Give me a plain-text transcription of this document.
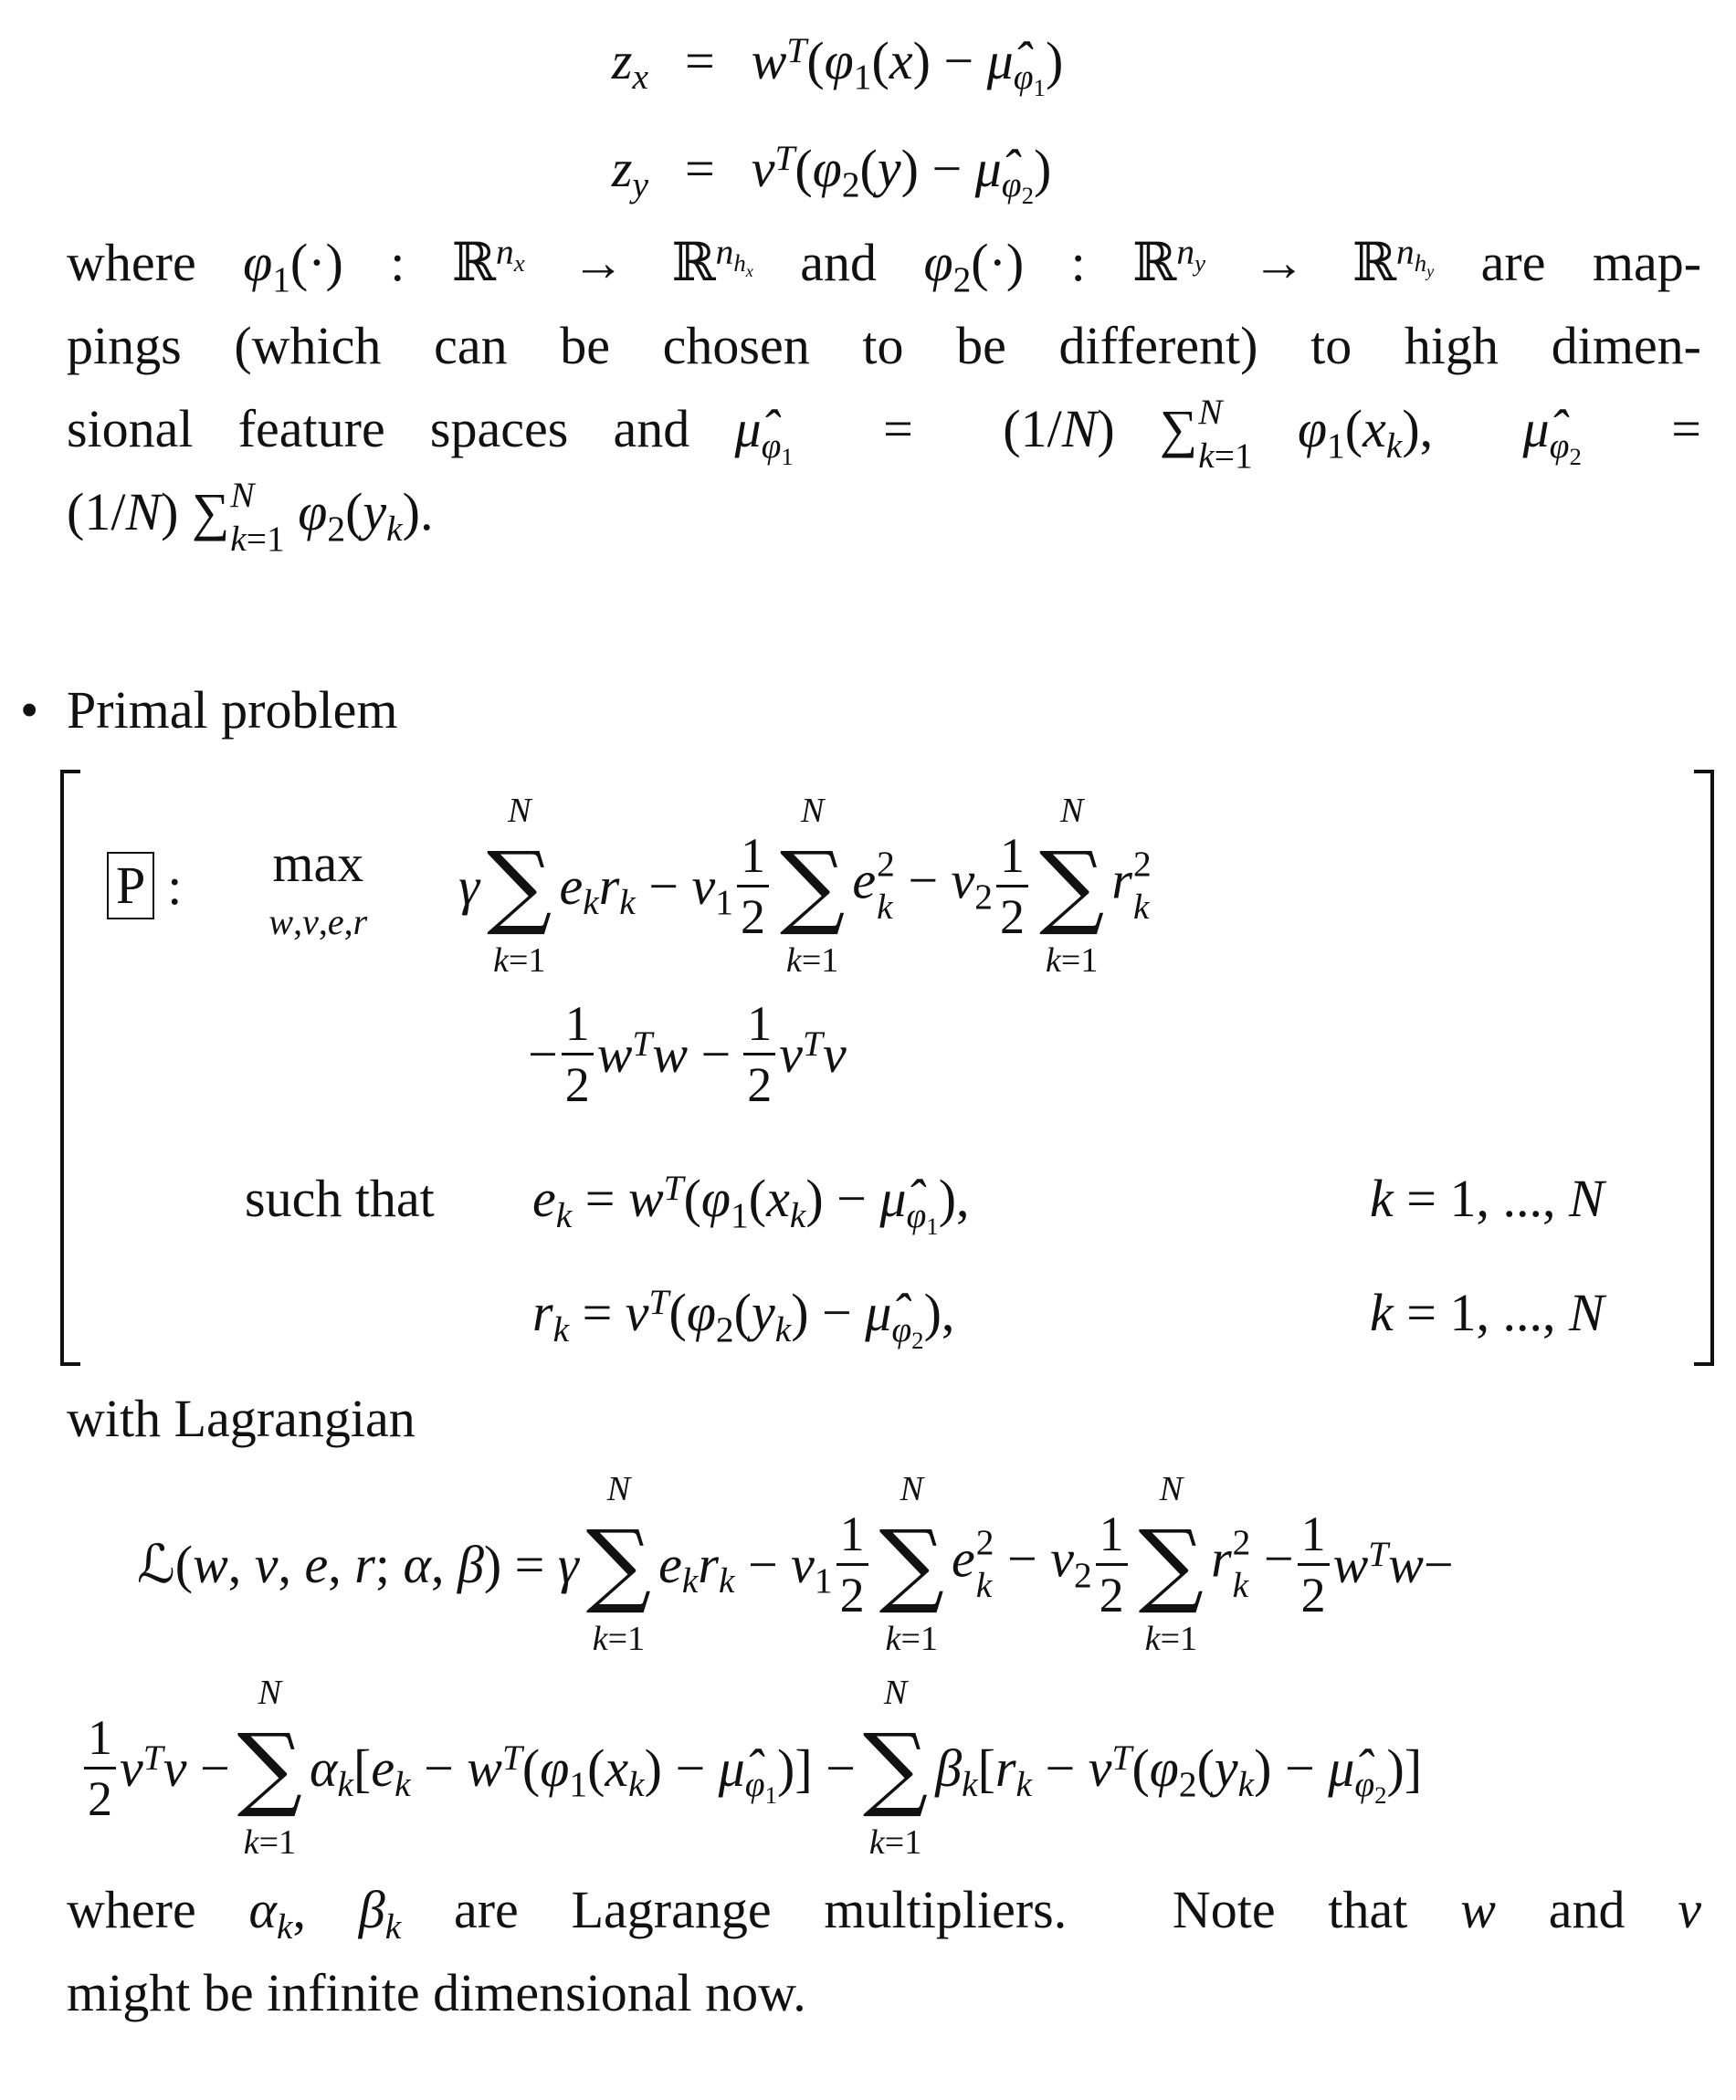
$z_x = w^T(\varphi_1(x)$ − $\mû_{\varphi_1}$)
$z_y = v^T(\varphi_2(y)$ − $\mû_{\varphi_2}$)
where $\varphi_1(\cdot)$ : ℝ$^{n_x}$ → ℝ$^{n_{h_x}}$ and $\varphi_2(\cdot)$ : ℝ$^{n_y}$ → ℝ$^{n_{h_y}}$ are map-
pings (which can be chosen to be different) to high dimen-
sional feature spaces and $\mû_{\varphi_1} = (1/N)$ ∑ N
k=1 $\varphi_1(x_k)$,  $\mû_{\varphi_2}$  =
(1/N) ∑ N
k=1 $\varphi_2(y_k)$.
• Primal problem
P : max
w,v,e,r
γ
N
∑
k=1
$e_kr_k - \nu_1 \frac{1}{2}$
N
∑
k=1
e 2
$k - \nu_2 \frac{1}{2}$
N
∑
k=1
r 2
k
− $\frac{1}{2} w^Tw - \frac{1}{2} v^Tv$
such that $e_k = w^T(\varphi_1(x_k)$ − $\mû_{\varphi_1}$),	k = 1, ..., N
$r_k = v^T(\varphi_2(y_k)$ − $\mû_{\varphi_2}$),	k = 1, ..., N
with Lagrangian
ℒ(w, v, e, r; α, β) = γ
N
∑
k=1
$e_kr_k - \nu_1 \frac{1}{2}$
N
∑
k=1
e 2
$k - \nu_2 \frac{1}{2}$
N
∑
k=1
r 2
$k - \frac{1}{2} w^Tw-$
$\frac{1}{2} v^Tv$ −
N
∑
k=1
$\alpha_k[e_k - w^T(\varphi_1(x_k)$ − $\mû_{\varphi_1}$)] −
N
∑
k=1
$\beta_k[r_k - v^T(\varphi_2(y_k)$ − $\mû_{\varphi_2}$)]
where $\alpha_k$, $\beta_k$ are Lagrange multipliers.  Note that w and v
might be infinite dimensional now.
